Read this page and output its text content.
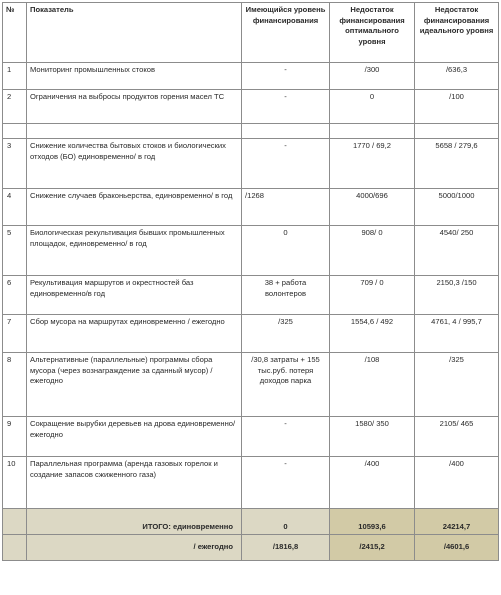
№	Показатель	Имеющийся уровень финансирования	Недостаток финансирования оптимального уровня	Недостаток финансирования идеального уровня
1	Мониторинг промышленных стоков	-	/300	/636,3
2	Ограничения на выбросы продуктов горения масел ТС	-	0	/100

3	Снижение количества бытовых стоков и биологических отходов (БО) единовременно/ в год	-	1770 / 69,2	5658 / 279,6
4	Снижение случаев браконьерства, единовременно/ в год	/1268	4000/696	5000/1000
5	Биологическая рекультивация бывших промышленных площадок, единовременно/ в год	0	908/ 0	4540/ 250
6	Рекультивация маршрутов и окрестностей баз единовременно/в год	38 + работа волонтеров	709 / 0	2150,3 /150
7	Сбор мусора на маршрутах единовременно / ежегодно	/325	1554,6 / 492	4761, 4 / 995,7
8	Альтернативные (параллельные) программы сбора мусора (через вознаграждение за сданный мусор) /ежегодно	/30,8 затраты + 155 тыс.руб. потеря доходов парка	/108	/325
9	Сокращение вырубки деревьев на дрова единовременно/ ежегодно	-	1580/ 350	2105/ 465
10	Параллельная программа (аренда газовых горелок и создание запасов сжиженного газа)	-	/400	/400
	ИТОГО: единовременно	0	10593,6	24214,7
	/ ежегодно	/1816,8	/2415,2	/4601,6
